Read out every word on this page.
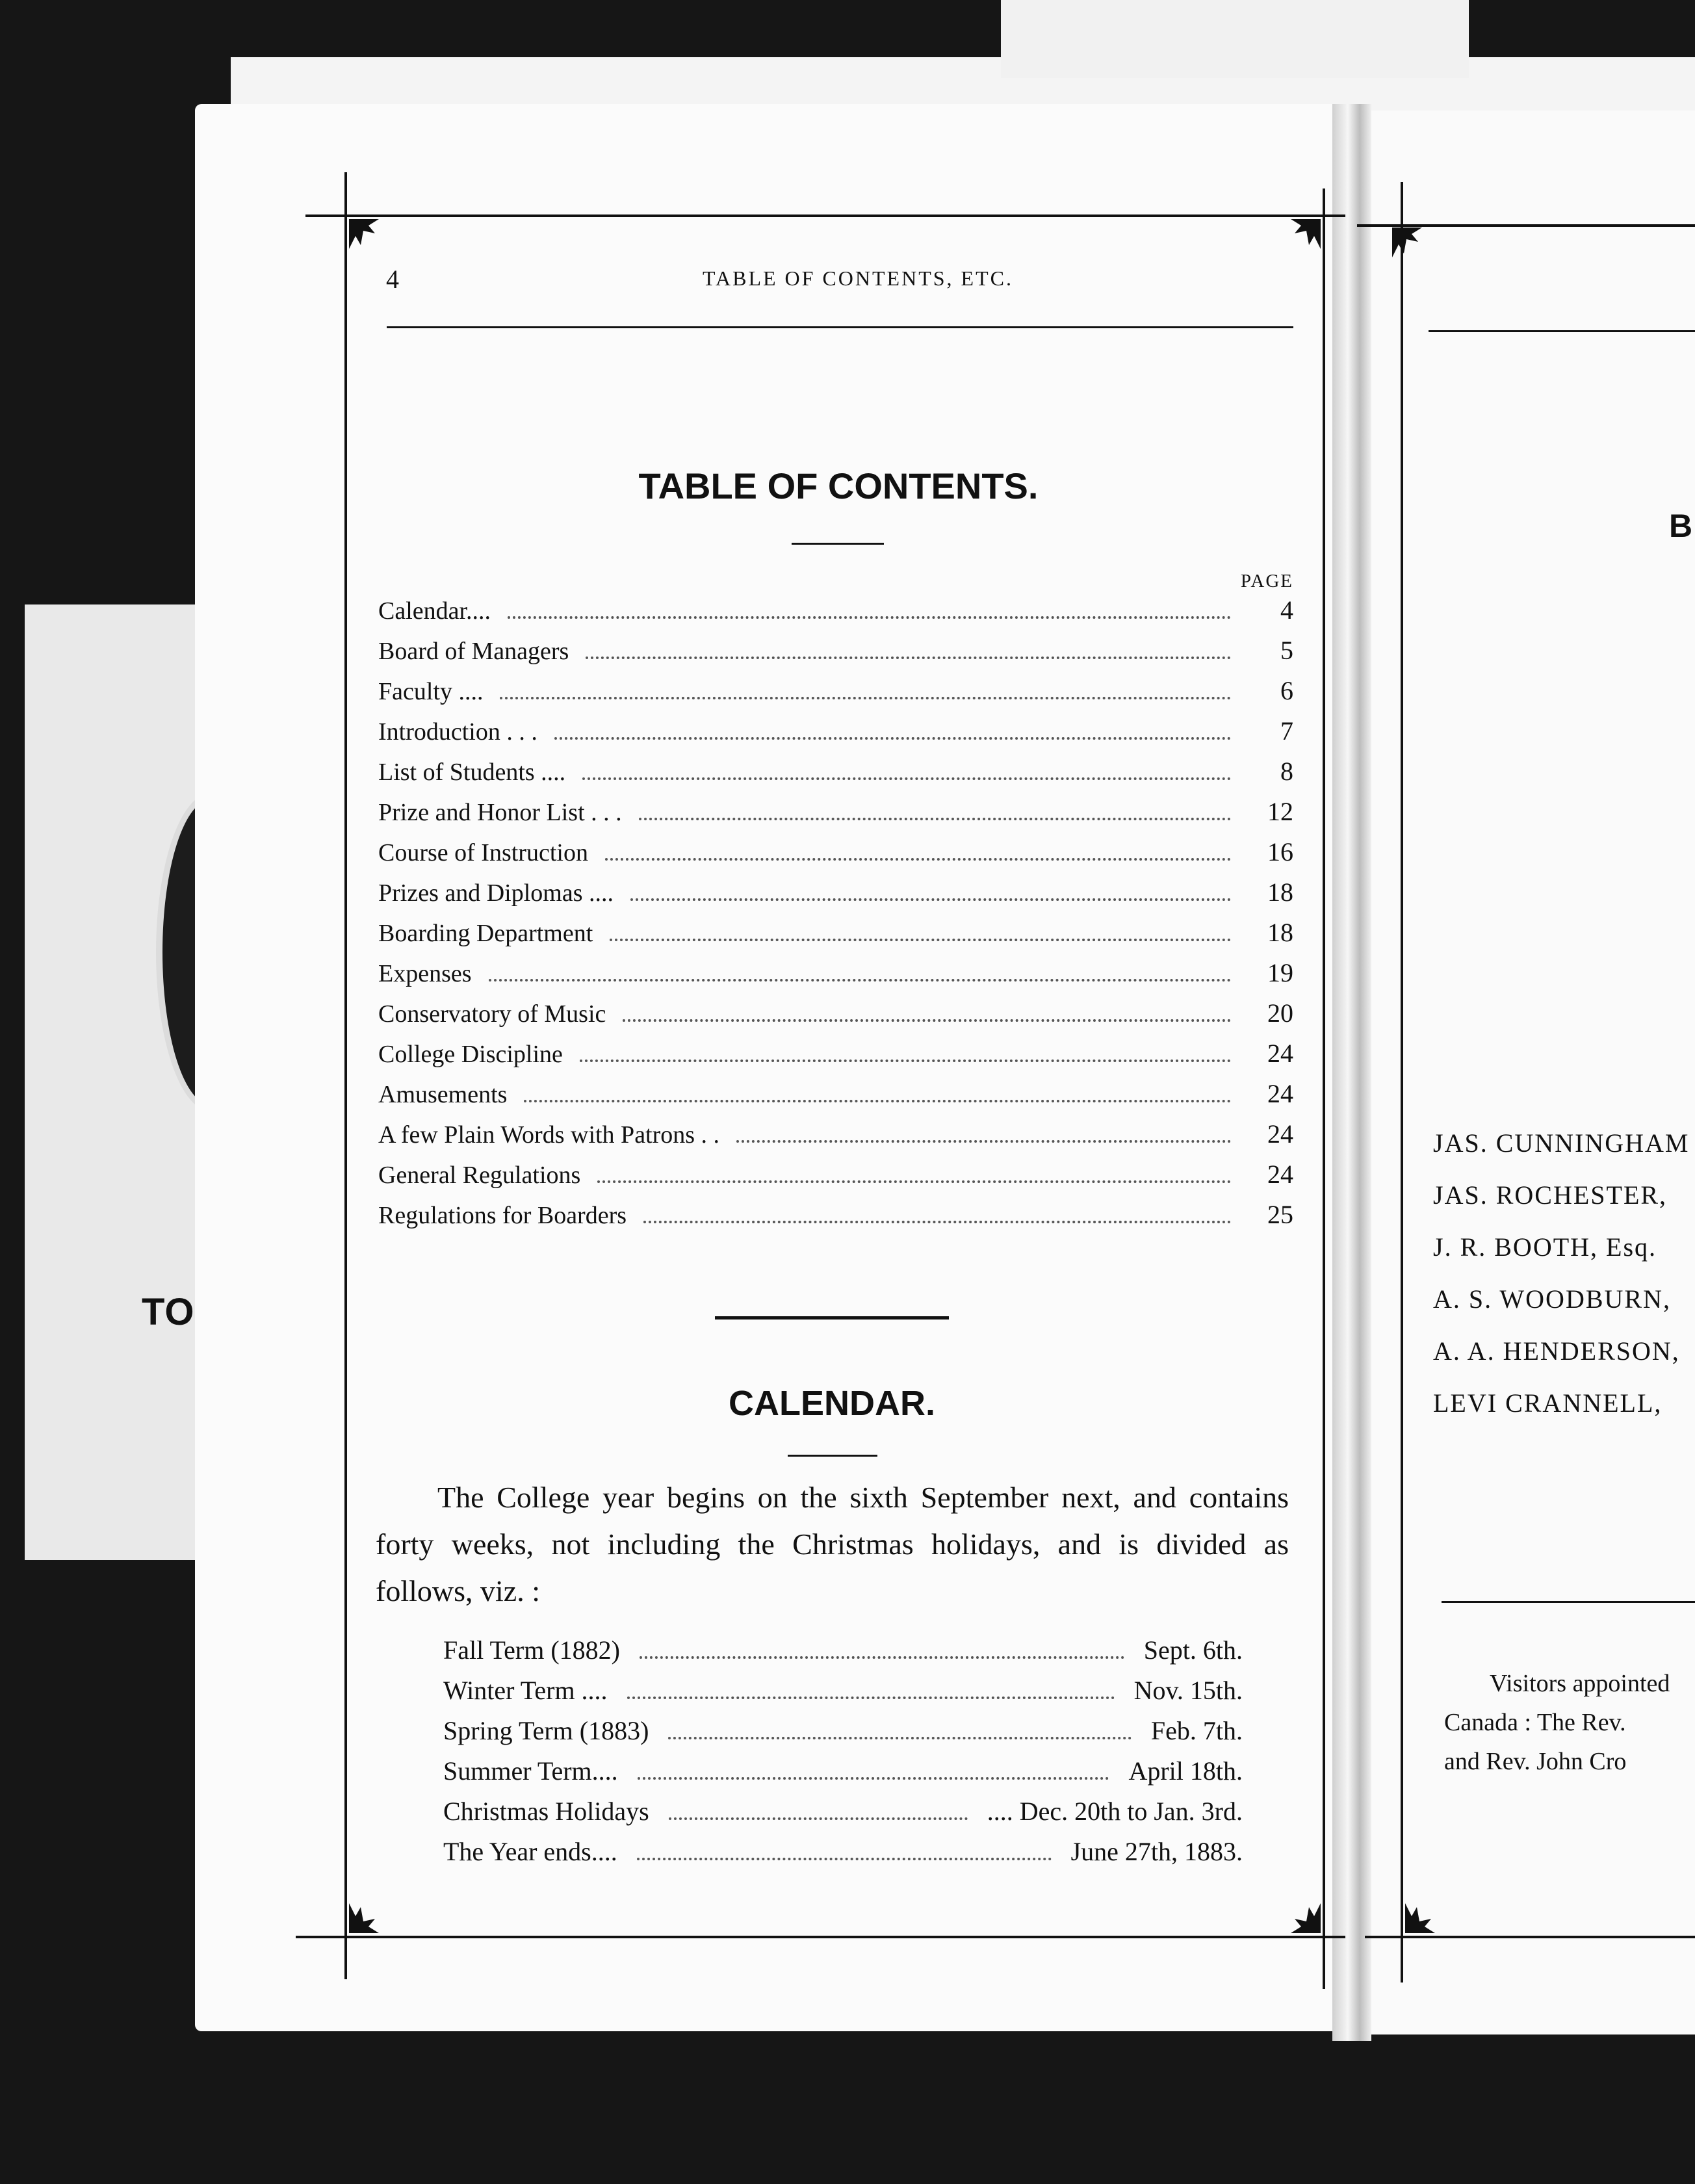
TO
4	TABLE OF CONTENTS, ETC.
TABLE OF CONTENTS.
PAGE
Calendar....	4
Board of Managers	5
Faculty ....	6
Introduction . . .	7
List of Students ....	8
Prize and Honor List . . .	12
Course of Instruction	16
Prizes and Diplomas ....	18
Boarding Department	18
Expenses	19
Conservatory of Music	20
College Discipline	24
Amusements	24
A few Plain Words with Patrons . .	24
General Regulations	24
Regulations for Boarders	25
CALENDAR.
The College year begins on the sixth September next, and contains forty weeks, not including the Christmas holidays, and is divided as follows, viz. :
Fall Term (1882)	Sept. 6th.
Winter Term ....	Nov. 15th.
Spring Term (1883)	Feb. 7th.
Summer Term....	April 18th.
Christmas Holidays	.... Dec. 20th to Jan. 3rd.
The Year ends....	June 27th, 1883.
B
JAS. CUNNINGHAM
JAS. ROCHESTER,
J. R. BOOTH, Esq.
A. S. WOODBURN,
A. A. HENDERSON,
LEVI CRANNELL,
Visitors appointed
Canada : The Rev.
and Rev. John Cro
